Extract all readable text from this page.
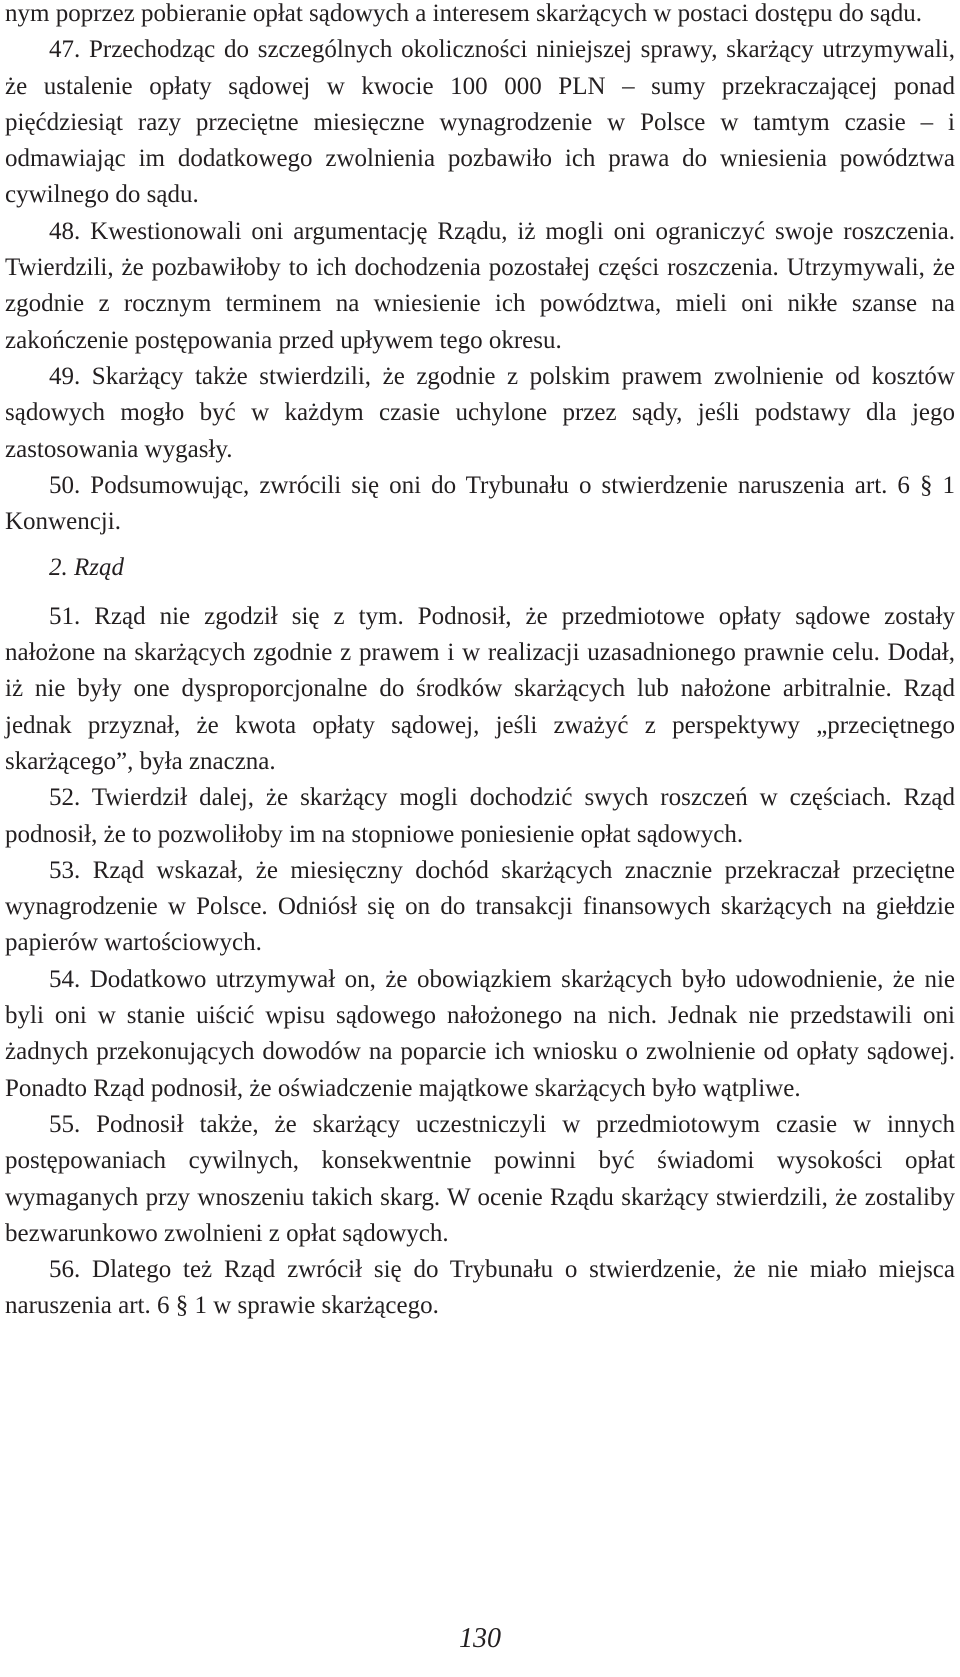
nym poprzez pobieranie opłat sądowych a interesem skarżących w postaci dostępu do sądu.

47. Przechodząc do szczególnych okoliczności niniejszej sprawy, skarżący utrzymywali, że ustalenie opłaty sądowej w kwocie 100 000 PLN – sumy przekraczającej ponad pięćdziesiąt razy przeciętne miesięczne wynagrodzenie w Polsce w tamtym czasie – i odmawiając im dodatkowego zwolnienia pozbawiło ich prawa do wniesienia powództwa cywilnego do sądu.

48. Kwestionowali oni argumentację Rządu, iż mogli oni ograniczyć swoje roszczenia. Twierdzili, że pozbawiłoby to ich dochodzenia pozostałej części roszczenia. Utrzymywali, że zgodnie z rocznym terminem na wniesienie ich powództwa, mieli oni nikłe szanse na zakończenie postępowania przed upływem tego okresu.

49. Skarżący także stwierdzili, że zgodnie z polskim prawem zwolnienie od kosztów sądowych mogło być w każdym czasie uchylone przez sądy, jeśli podstawy dla jego zastosowania wygasły.

50. Podsumowując, zwrócili się oni do Trybunału o stwierdzenie naruszenia art. 6 § 1 Konwencji.

2. Rząd

51. Rząd nie zgodził się z tym. Podnosił, że przedmiotowe opłaty sądowe zostały nałożone na skarżących zgodnie z prawem i w realizacji uzasadnionego prawnie celu. Dodał, iż nie były one dysproporcjonalne do środków skarżących lub nałożone arbitralnie. Rząd jednak przyznał, że kwota opłaty sądowej, jeśli zważyć z perspektywy „przeciętnego skarżącego”, była znaczna.

52. Twierdził dalej, że skarżący mogli dochodzić swych roszczeń w częściach. Rząd podnosił, że to pozwoliłoby im na stopniowe poniesienie opłat sądowych.

53. Rząd wskazał, że miesięczny dochód skarżących znacznie przekraczał przeciętne wynagrodzenie w Polsce. Odniósł się on do transakcji finansowych skarżących na giełdzie papierów wartościowych.

54. Dodatkowo utrzymywał on, że obowiązkiem skarżących było udowodnienie, że nie byli oni w stanie uiścić wpisu sądowego nałożonego na nich. Jednak nie przedstawili oni żadnych przekonujących dowodów na poparcie ich wniosku o zwolnienie od opłaty sądowej. Ponadto Rząd podnosił, że oświadczenie majątkowe skarżących było wątpliwe.

55. Podnosił także, że skarżący uczestniczyli w przedmiotowym czasie w innych postępowaniach cywilnych, konsekwentnie powinni być świadomi wysokości opłat wymaganych przy wnoszeniu takich skarg. W ocenie Rządu skarżący stwierdzili, że zostaliby bezwarunkowo zwolnieni z opłat sądowych.

56. Dlatego też Rząd zwrócił się do Trybunału o stwierdzenie, że nie miało miejsca naruszenia art. 6 § 1 w sprawie skarżącego.

130
